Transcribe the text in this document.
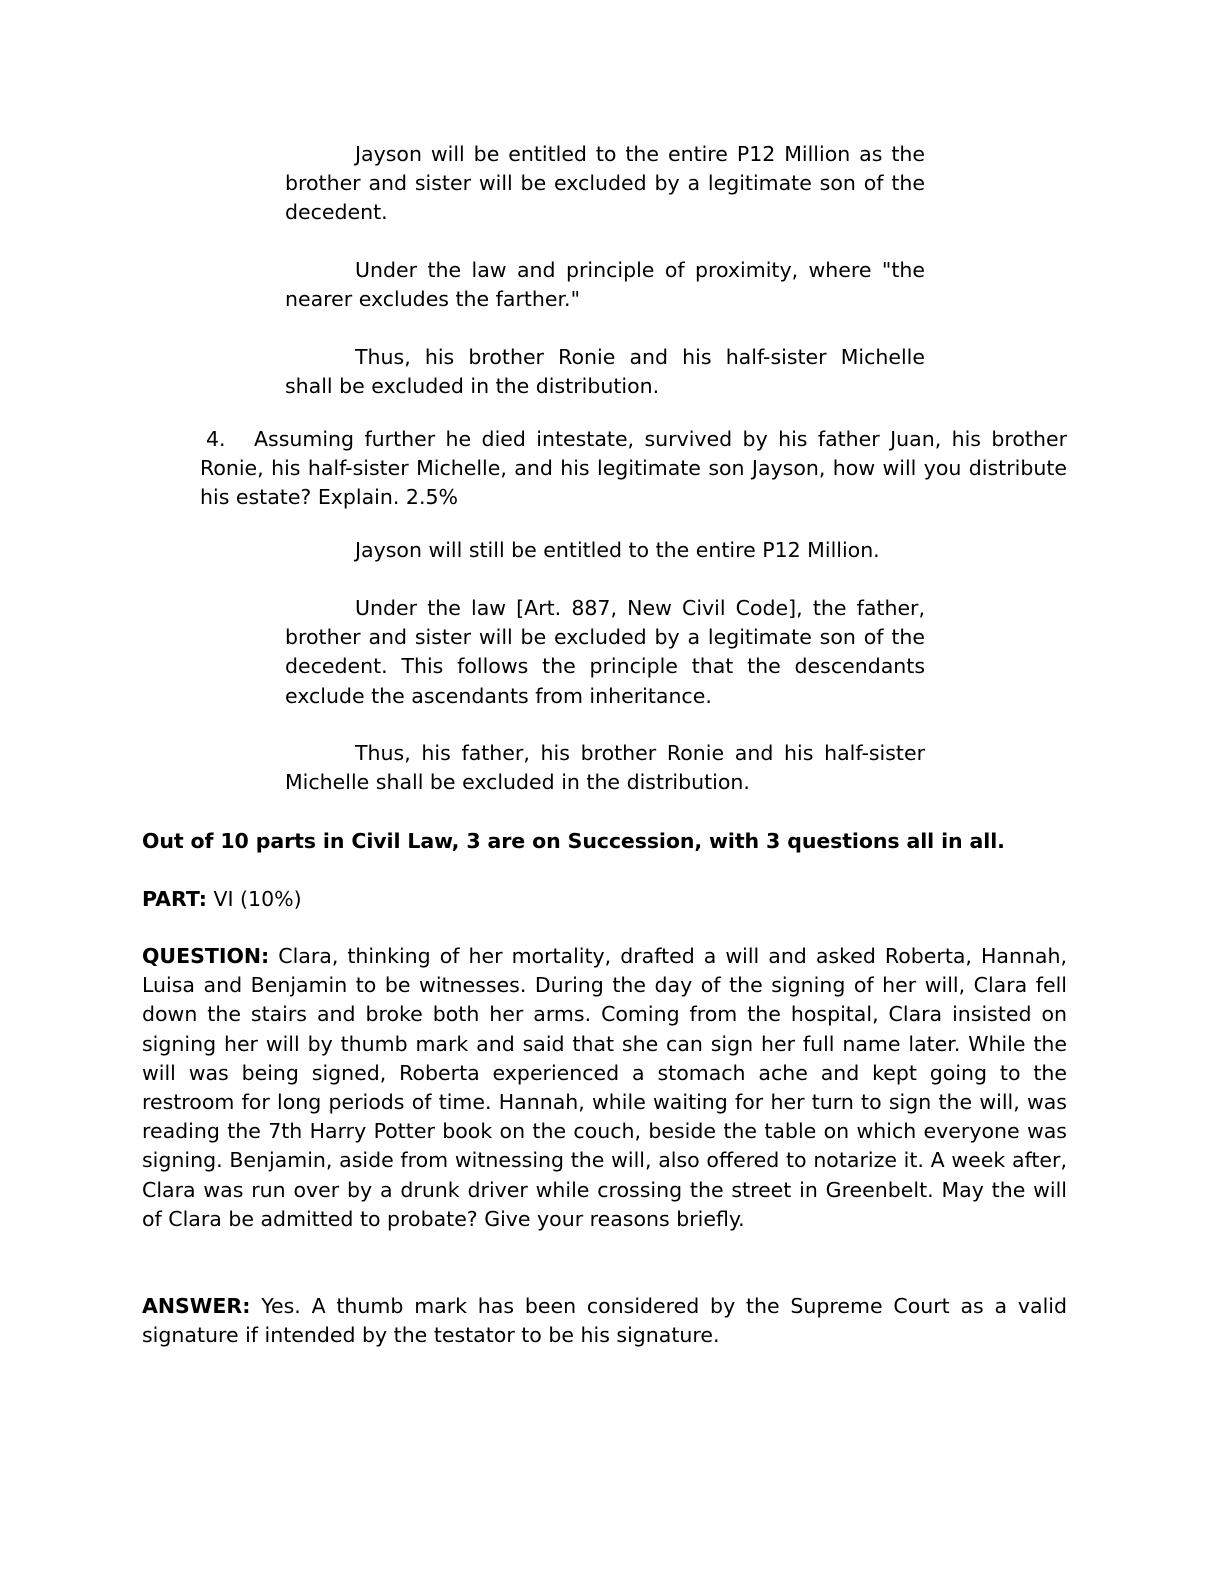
Jayson will be entitled to the entire P12 Million as the brother and sister will be excluded by a legitimate son of the decedent.

Under the law and principle of proximity, where "the nearer excludes the farther."

Thus, his brother Ronie and his half-sister Michelle shall be excluded in the distribution.

4. Assuming further he died intestate, survived by his father Juan, his brother Ronie, his half-sister Michelle, and his legitimate son Jayson, how will you distribute his estate? Explain. 2.5%

Jayson will still be entitled to the entire P12 Million.

Under the law [Art. 887, New Civil Code], the father, brother and sister will be excluded by a legitimate son of the decedent. This follows the principle that the descendants exclude the ascendants from inheritance.

Thus, his father, his brother Ronie and his half-sister Michelle shall be excluded in the distribution.

Out of 10 parts in Civil Law, 3 are on Succession, with 3 questions all in all.

PART: VI (10%)

QUESTION: Clara, thinking of her mortality, drafted a will and asked Roberta, Hannah, Luisa and Benjamin to be witnesses. During the day of the signing of her will, Clara fell down the stairs and broke both her arms. Coming from the hospital, Clara insisted on signing her will by thumb mark and said that she can sign her full name later. While the will was being signed, Roberta experienced a stomach ache and kept going to the restroom for long periods of time. Hannah, while waiting for her turn to sign the will, was reading the 7th Harry Potter book on the couch, beside the table on which everyone was signing. Benjamin, aside from witnessing the will, also offered to notarize it. A week after, Clara was run over by a drunk driver while crossing the street in Greenbelt. May the will of Clara be admitted to probate? Give your reasons briefly.

ANSWER: Yes. A thumb mark has been considered by the Supreme Court as a valid signature if intended by the testator to be his signature.
